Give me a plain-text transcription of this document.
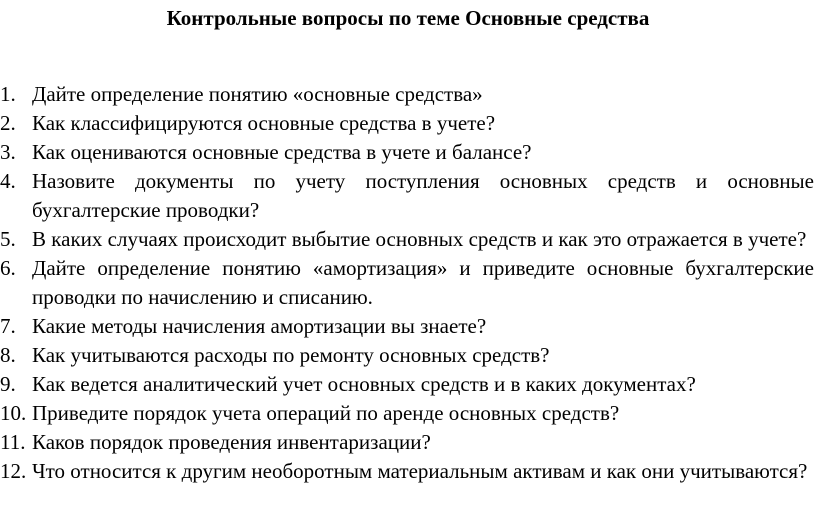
Контрольные вопросы по теме Основные средства
1. Дайте определение понятию «основные средства»
2. Как классифицируются основные средства в учете?
3. Как оцениваются основные средства в учете и балансе?
4. Назовите документы по учету поступления основных средств и основные бухгалтерские проводки?
5. В каких случаях происходит выбытие основных средств и как это отражается в учете?
6. Дайте определение понятию «амортизация» и приведите основные бухгалтерские проводки по начислению и списанию.
7. Какие методы начисления амортизации вы знаете?
8. Как учитываются расходы по ремонту основных средств?
9. Как ведется аналитический учет основных средств и в каких документах?
10. Приведите порядок учета операций по аренде основных средств?
11. Каков порядок проведения инвентаризации?
12. Что относится к другим необоротным материальным активам и как они учитываются?
